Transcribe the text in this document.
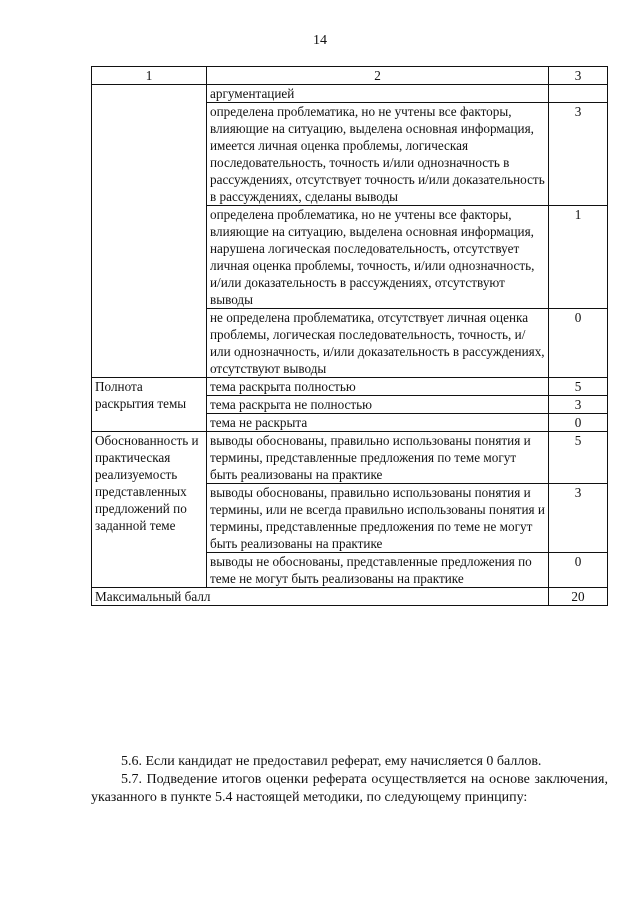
14
1	2	3
	аргументацией	
	определена проблематика, но не учтены все факторы, влияющие на ситуацию, выделена основная информация, имеется личная оценка проблемы, логическая последовательность, точность и/или однозначность в рассуждениях, отсутствует точность и/или доказательность в рассуждениях, сделаны выводы	3
	определена проблематика, но не учтены все факторы, влияющие на ситуацию, выделена основная информация, нарушена логическая последовательность, отсутствует личная оценка проблемы, точность, и/или однозначность, и/или доказательность в рассуждениях, отсутствуют выводы	1
	не определена проблематика, отсутствует личная оценка проблемы, логическая последовательность, точность, и/или однозначность, и/или доказательность в рассуждениях, отсутствуют выводы	0
Полнота раскрытия темы	тема раскрыта полностью	5
	тема раскрыта не полностью	3
	тема не раскрыта	0
Обоснованность и практическая реализуемость представленных предложений по заданной теме	выводы обоснованы, правильно использованы понятия и термины, представленные предложения по теме могут быть реализованы на практике	5
	выводы обоснованы, правильно использованы понятия и термины, или не всегда правильно использованы понятия и термины, представленные предложения по теме не могут быть реализованы на практике	3
	выводы не обоснованы, представленные предложения по теме не могут быть реализованы на практике	0
Максимальный балл		20
5.6. Если кандидат не предоставил реферат, ему начисляется 0 баллов.
5.7. Подведение итогов оценки реферата осуществляется на основе заключения, указанного в пункте 5.4 настоящей методики, по следующему принципу:
